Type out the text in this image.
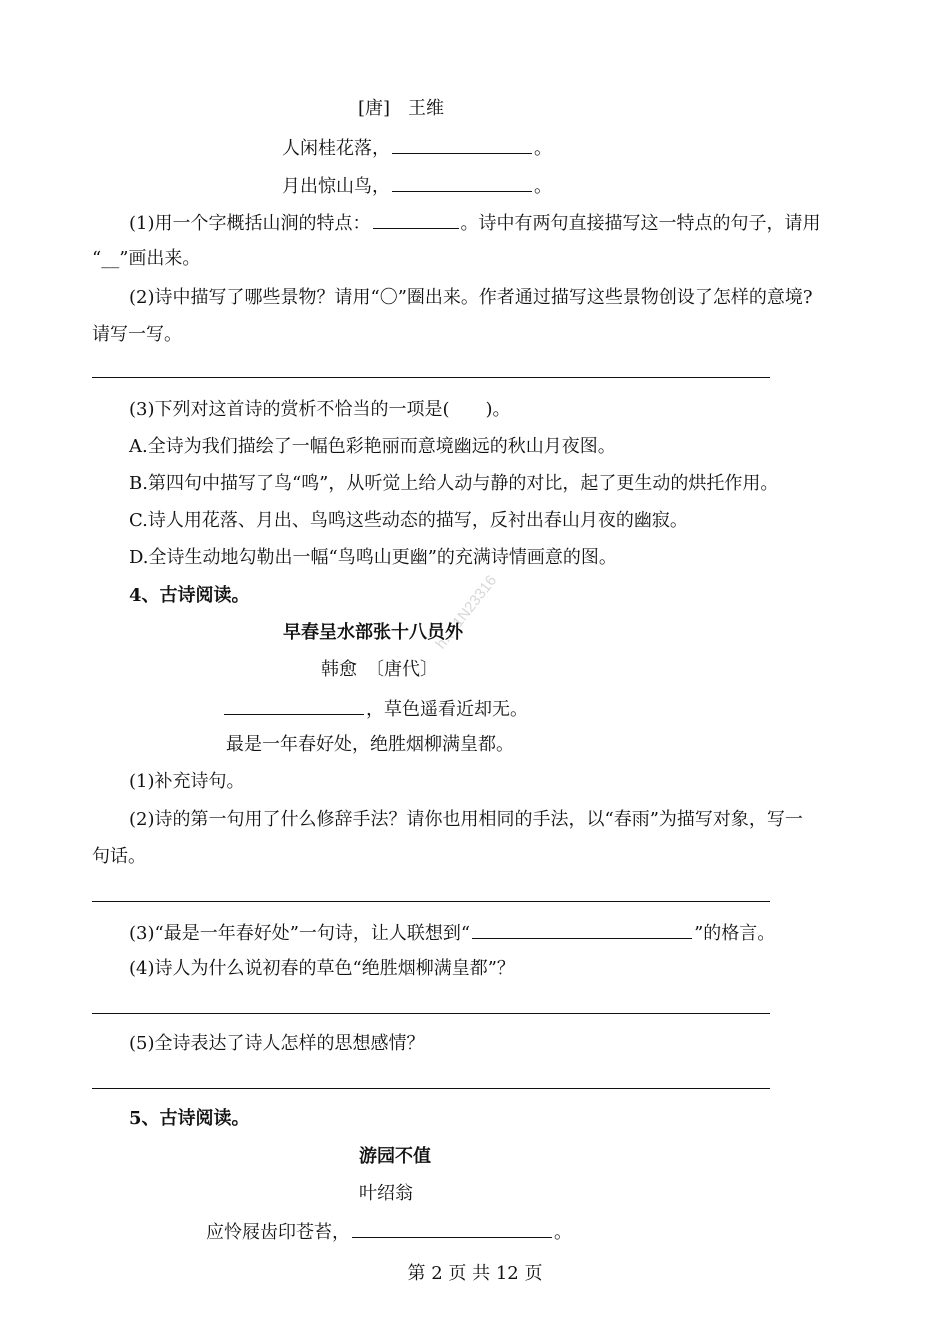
[唐]　王维
人闲桂花落，	。
月出惊山鸟，	。
(1)用一个字概括山涧的特点：	。诗中有两句直接描写这一特点的句子，请用
“__”画出来。
(2)诗中描写了哪些景物？请用“〇”圈出来。作者通过描写这些景物创设了怎样的意境?
请写一写。
(3)下列对这首诗的赏析不恰当的一项是(　　)。
A.全诗为我们描绘了一幅色彩艳丽而意境幽远的秋山月夜图。
B.第四句中描写了鸟“鸣”，从听觉上给人动与静的对比，起了更生动的烘托作用。
C.诗人用花落、月出、鸟鸣这些动态的描写，反衬出春山月夜的幽寂。
D.全诗生动地勾勒出一幅“鸟鸣山更幽”的充满诗情画意的图。
4、古诗阅读。
早春呈水部张十八员外
韩愈　〔唐代〕
，草色遥看近却无。
最是一年春好处，绝胜烟柳满皇都。
(1)补充诗句。
(2)诗的第一句用了什么修辞手法？请你也用相同的手法，以“春雨”为描写对象，写一
句话。
(3)“最是一年春好处”一句诗，让人联想到“	”的格言。
(4)诗人为什么说初春的草色“绝胜烟柳满皇都”？
(5)全诗表达了诗人怎样的思想感情？
5、古诗阅读。
游园不值
叶绍翁
应怜屐齿印苍苔，	。
h.、1N23316
第 2 页 共 12 页
